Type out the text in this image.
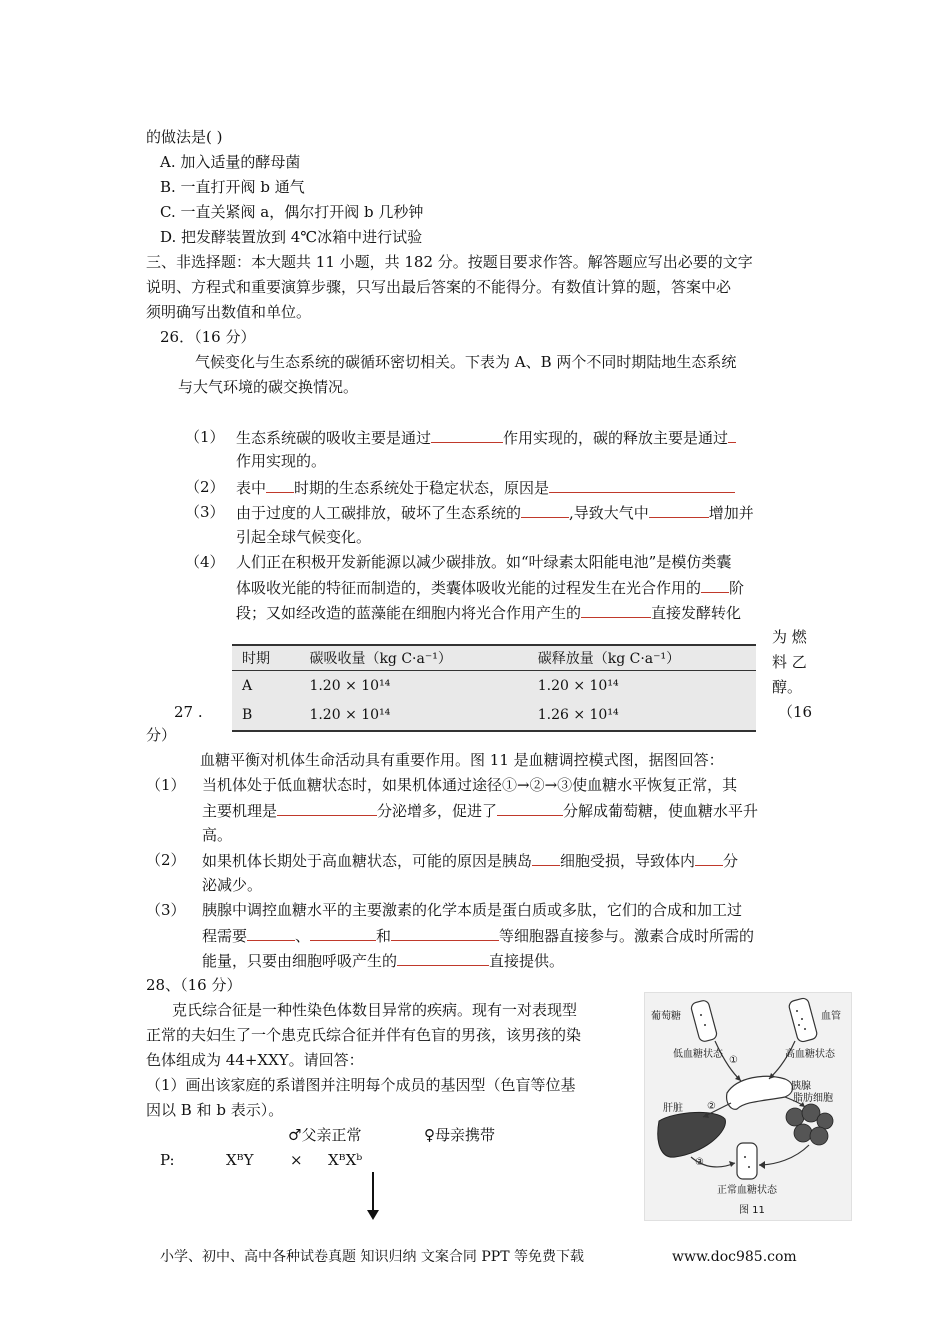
的做法是( )
A. 加入适量的酵母菌
B. 一直打开阀 b 通气
C. 一直关紧阀 a，偶尔打开阀 b 几秒钟
D. 把发酵装置放到 4℃冰箱中进行试验
三、非选择题：本大题共 11 小题，共 182 分。按题目要求作答。解答题应写出必要的文字
说明、方程式和重要演算步骤，只写出最后答案的不能得分。有数值计算的题，答案中必
须明确写出数值和单位。
26．（16 分）
气候变化与生态系统的碳循环密切相关。下表为 A、B 两个不同时期陆地生态系统
与大气环境的碳交换情况。
（1） 生态系统碳的吸收主要是通过	作用实现的，碳的释放主要是通过
作用实现的。
（2） 表中 时期的生态系统处于稳定状态，原因是
（3） 由于过度的人工碳排放，破坏了生态系统的	,导致大气中	增加并
引起全球气候变化。
（4） 人们正在积极开发新能源以减少碳排放。如“叶绿素太阳能电池”是模仿类囊
体吸收光能的特征而制造的，类囊体吸收光能的过程发生在光合作用的 阶
段；又如经改造的蓝藻能在细胞内将光合作用产生的	直接发酵转化
为 燃
料 乙
醇。
时期	碳吸收量（kg C·a⁻¹）	碳释放量（kg C·a⁻¹）
A	1.20 × 10¹⁴	1.20 × 10¹⁴
B	1.20 × 10¹⁴	1.26 × 10¹⁴
27 .	（16
分）
血糖平衡对机体生命活动具有重要作用。图 11 是血糖调控模式图，据图回答：
（1） 当机体处于低血糖状态时，如果机体通过途径①→②→③使血糖水平恢复正常，其
主要机理是	分泌增多，促进了	分解成葡萄糖，使血糖水平升
高。
（2） 如果机体长期处于高血糖状态，可能的原因是胰岛 细胞受损，导致体内 分
泌减少。
（3） 胰腺中调控血糖水平的主要激素的化学本质是蛋白质或多肽，它们的合成和加工过
程需要	、	和	等细胞器直接参与。激素合成时所需的
能量，只要由细胞呼吸产生的	直接提供。
28、（16 分）
克氏综合征是一种性染色体数目异常的疾病。现有一对表现型
正常的夫妇生了一个患克氏综合征并伴有色盲的男孩，该男孩的染
色体组成为 44+XXY。请回答：
（1）画出该家庭的系谱图并注明每个成员的基因型（色盲等位基
因以 B 和 b 表示）。
♂父亲正常	♀母亲携带
P:	XᴮY × XᴮXᵇ
葡萄糖	血管
低血糖状态	高血糖状态
胰腺
肝脏
脂肪细胞
正常血糖状态
①
②
③
图 11
小学、初中、高中各种试卷真题 知识归纳 文案合同 PPT 等免费下载	www.doc985.com
